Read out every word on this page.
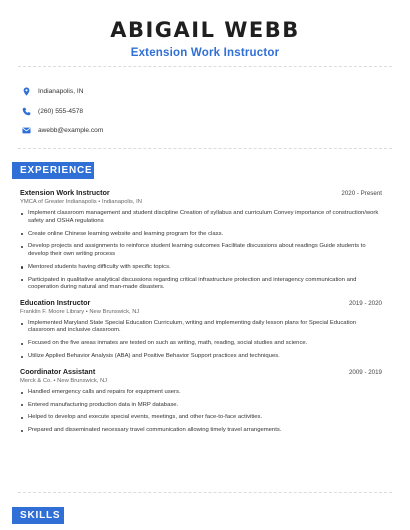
ABIGAIL WEBB
Extension Work Instructor
Indianapolis, IN
(260) 555-4578
awebb@example.com
EXPERIENCE
Extension Work Instructor	2020 - Present
YMCA of Greater Indianapolis • Indianapolis, IN
Implement classroom management and student discipline Creation of syllabus and curriculum Convey importance of construction/work safety and OSHA regulations
Create online Chinese learning website and learning program for the class.
Develop projects and assignments to reinforce student learning outcomes Facilitate discussions about readings Guide students to develop their own writing process
Mentored students having difficulty with specific topics.
Participated in qualitative analytical discussions regarding critical infrastructure protection and interagency communication and cooperation during natural and man-made disasters.
Education Instructor	2019 - 2020
Franklin F. Moore Library • New Brunswick, NJ
Implemented Maryland State Special Education Curriculum, writing and implementing daily lesson plans for Special Education classroom and inclusive classroom.
Focused on the five areas inmates are tested on such as writing, math, reading, social studies and science.
Utilize Applied Behavior Analysis (ABA) and Positive Behavior Support practices and techniques.
Coordinator Assistant	2009 - 2019
Merck & Co. • New Brunswick, NJ
Handled emergency calls and repairs for equipment users.
Entered manufacturing production data in MRP database.
Helped to develop and execute special events, meetings, and other face-to-face activities.
Prepared and disseminated necessary travel communication allowing timely travel arrangements.
SKILLS
